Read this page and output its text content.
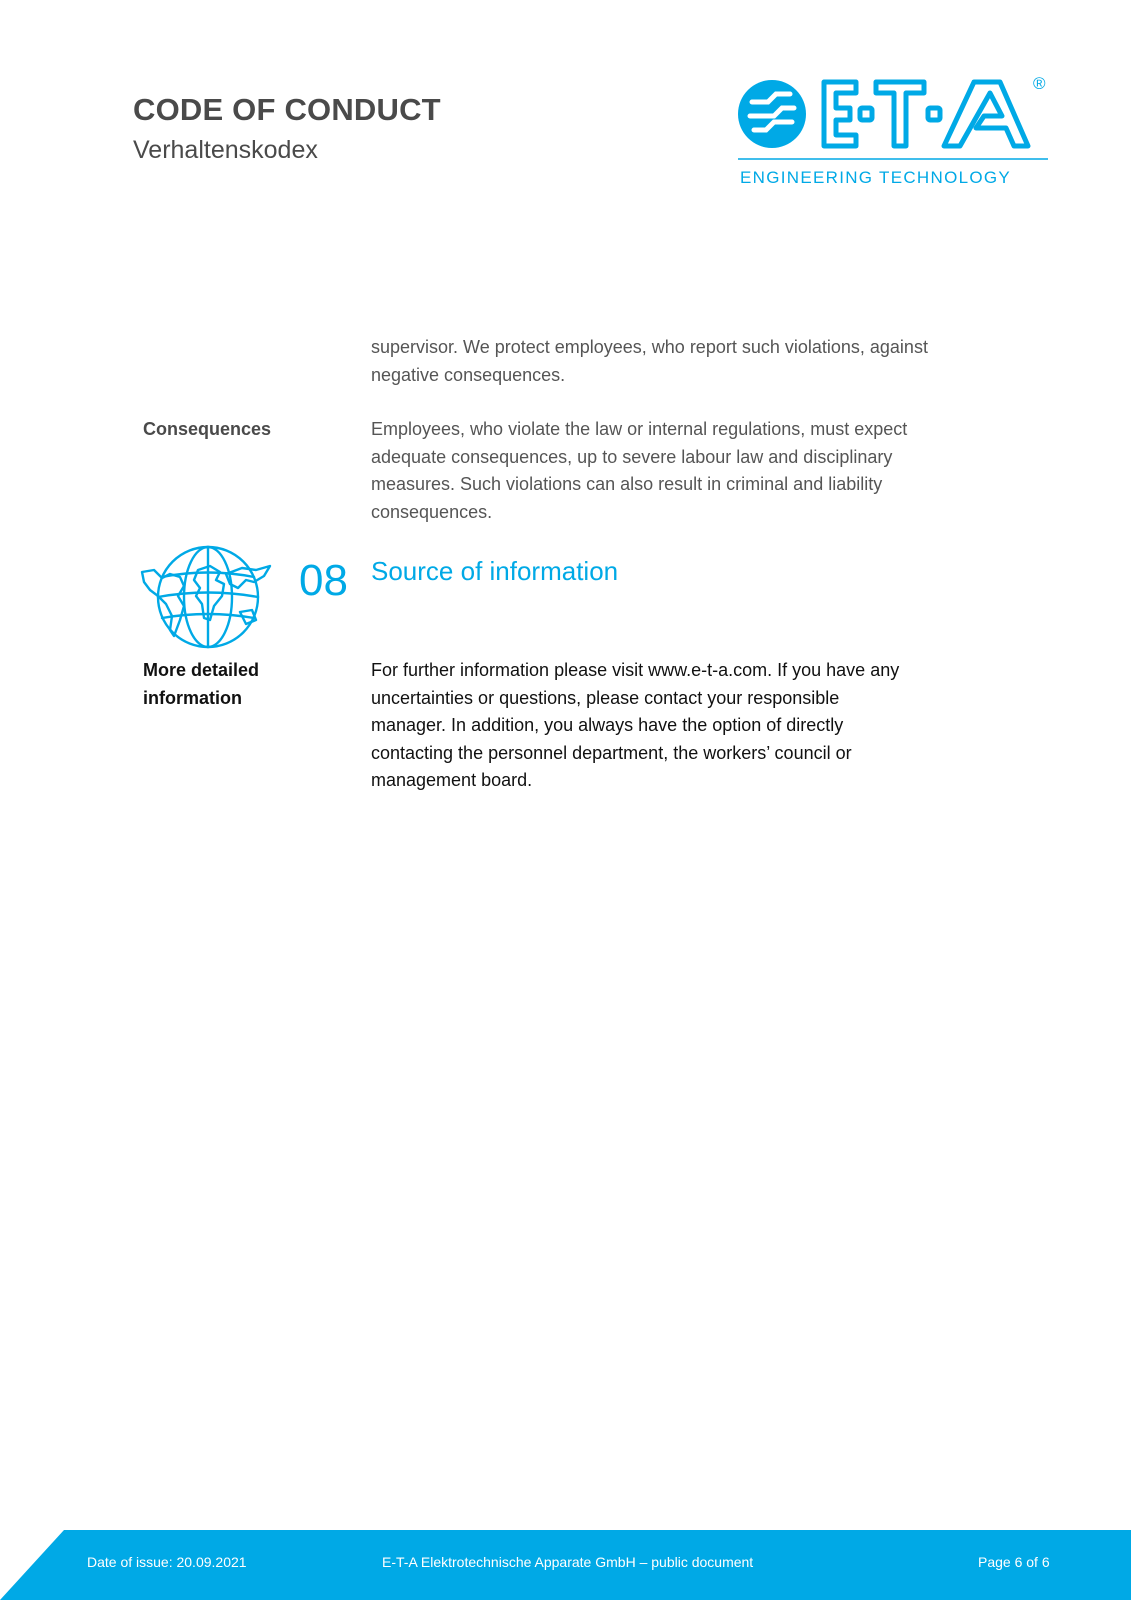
CODE OF CONDUCT
Verhaltenskodex
®
ENGINEERING TECHNOLOGY
supervisor. We protect employees, who report such violations, against negative consequences.
Consequences	Employees, who violate the law or internal regulations, must expect adequate consequences, up to severe labour law and disciplinary measures. Such violations can also result in criminal and liability consequences.
08 Source of information
More detailed information
For further information please visit www.e-t-a.com. If you have any uncertainties or questions, please contact your responsible manager. In addition, you always have the option of directly contacting the personnel department, the workers’ council or management board.
Date of issue: 20.09.2021	E-T-A Elektrotechnische Apparate GmbH – public document	Page 6 of 6
